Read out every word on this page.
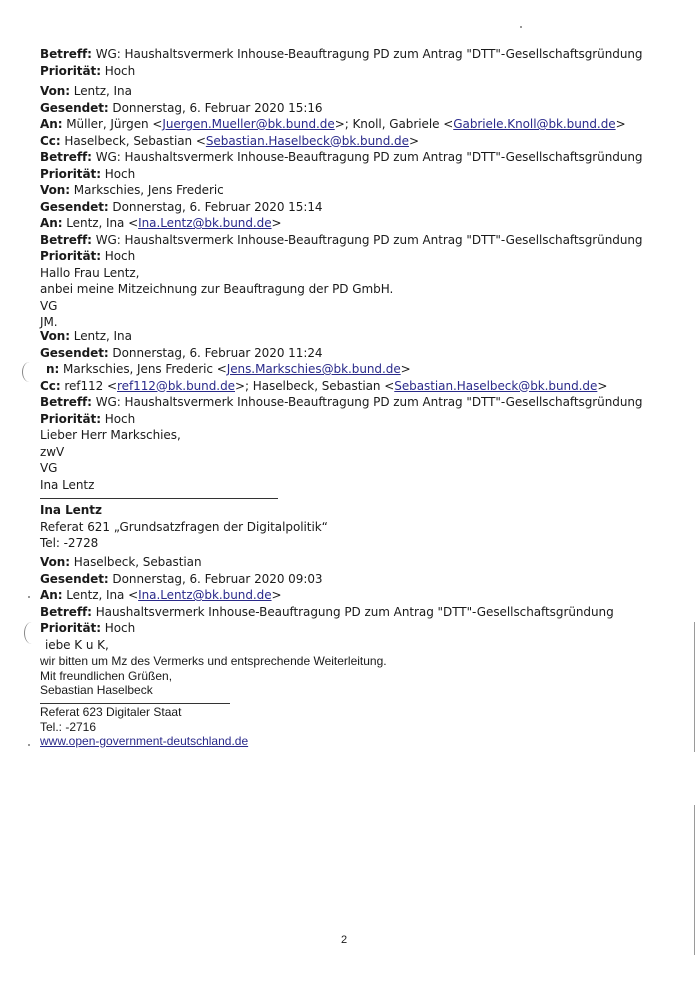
Betreff: WG: Haushaltsvermerk Inhouse-Beauftragung PD zum Antrag "DTT"-Gesellschaftsgründung
Priorität: Hoch
Von: Lentz, Ina
Gesendet: Donnerstag, 6. Februar 2020 15:16
An: Müller, Jürgen <Juergen.Mueller@bk.bund.de>; Knoll, Gabriele <Gabriele.Knoll@bk.bund.de>
Cc: Haselbeck, Sebastian <Sebastian.Haselbeck@bk.bund.de>
Betreff: WG: Haushaltsvermerk Inhouse-Beauftragung PD zum Antrag "DTT"-Gesellschaftsgründung
Priorität: Hoch
Von: Markschies, Jens Frederic
Gesendet: Donnerstag, 6. Februar 2020 15:14
An: Lentz, Ina <Ina.Lentz@bk.bund.de>
Betreff: WG: Haushaltsvermerk Inhouse-Beauftragung PD zum Antrag "DTT"-Gesellschaftsgründung
Priorität: Hoch
Hallo Frau Lentz,
anbei meine Mitzeichnung zur Beauftragung der PD GmbH.
VG
JM.
Von: Lentz, Ina
Gesendet: Donnerstag, 6. Februar 2020 11:24
n: Markschies, Jens Frederic <Jens.Markschies@bk.bund.de>
Cc: ref112 <ref112@bk.bund.de>; Haselbeck, Sebastian <Sebastian.Haselbeck@bk.bund.de>
Betreff: WG: Haushaltsvermerk Inhouse-Beauftragung PD zum Antrag "DTT"-Gesellschaftsgründung
Priorität: Hoch
Lieber Herr Markschies,
zwV
VG
Ina Lentz
Ina Lentz
Referat 621 „Grundsatzfragen der Digitalpolitik“
Tel: -2728
Von: Haselbeck, Sebastian
Gesendet: Donnerstag, 6. Februar 2020 09:03
An: Lentz, Ina <Ina.Lentz@bk.bund.de>
Betreff: Haushaltsvermerk Inhouse-Beauftragung PD zum Antrag "DTT"-Gesellschaftsgründung
Priorität: Hoch
iebe K u K,
wir bitten um Mz des Vermerks und entsprechende Weiterleitung.
Mit freundlichen Grüßen,
Sebastian Haselbeck
Referat 623 Digitaler Staat
Tel.: -2716
www.open-government-deutschland.de
2
